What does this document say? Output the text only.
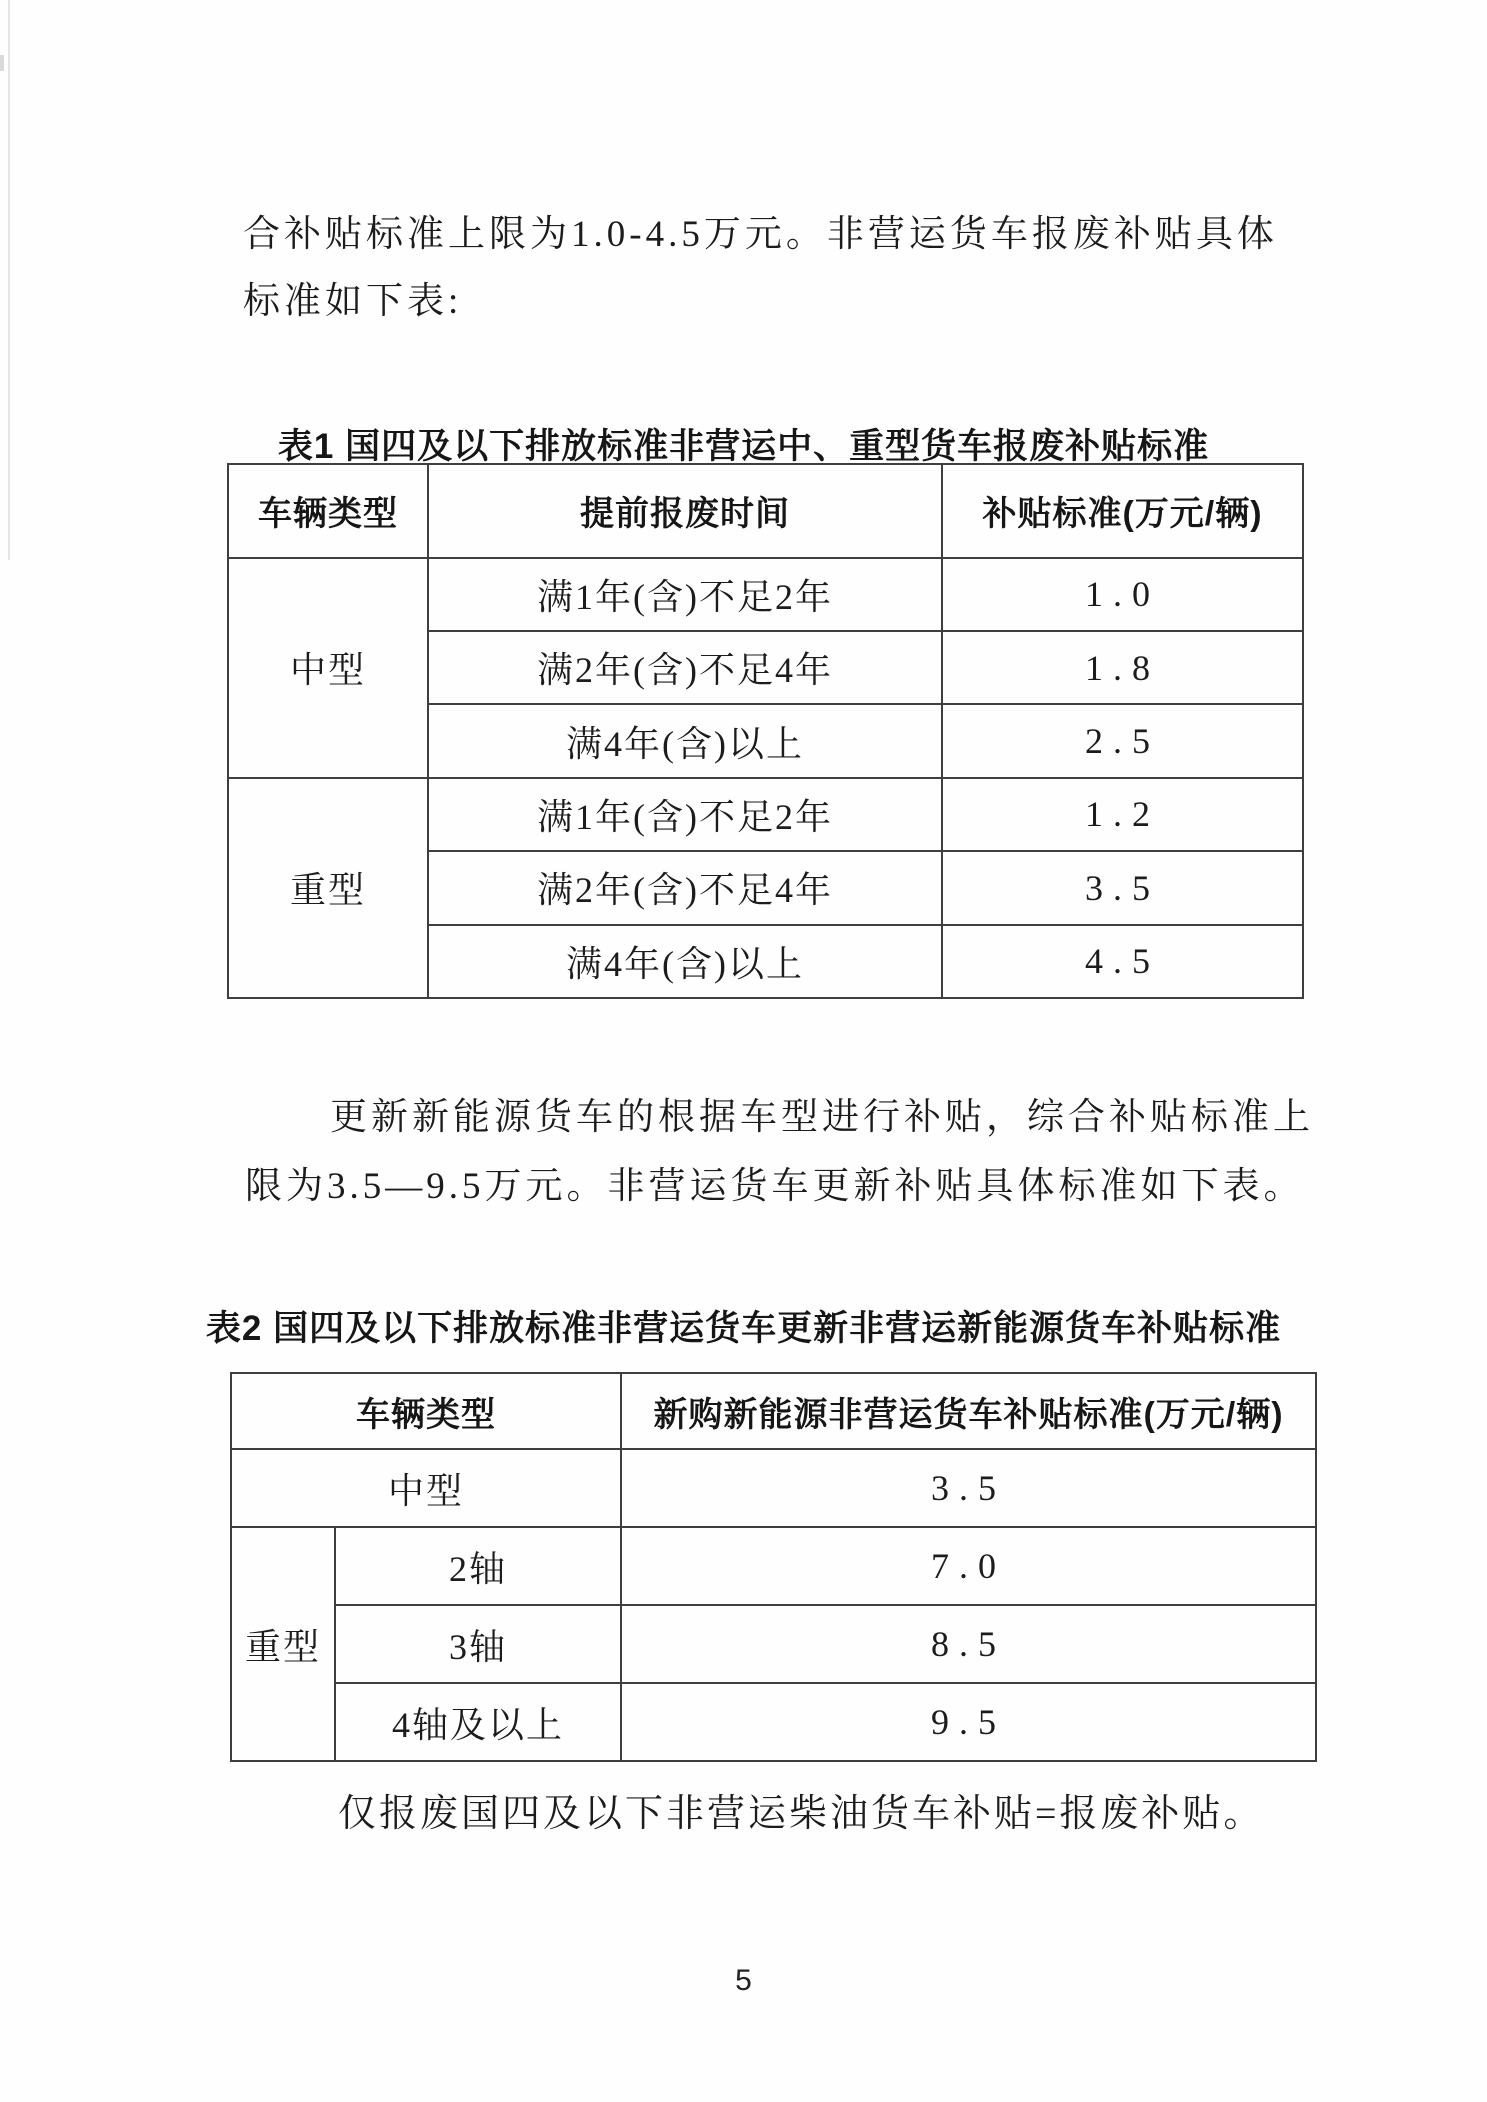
合补贴标准上限为1.0-4.5万元。非营运货车报废补贴具体
标准如下表:
表1 国四及以下排放标准非营运中、重型货车报废补贴标准
车辆类型	提前报废时间	补贴标准(万元/辆)
中型	满1年(含)不足2年	1.0
	满2年(含)不足4年	1.8
	满4年(含)以上	2.5
重型	满1年(含)不足2年	1.2
	满2年(含)不足4年	3.5
	满4年(含)以上	4.5
更新新能源货车的根据车型进行补贴，综合补贴标准上
限为3.5—9.5万元。非营运货车更新补贴具体标准如下表。
表2 国四及以下排放标准非营运货车更新非营运新能源货车补贴标准
车辆类型		新购新能源非营运货车补贴标准(万元/辆)
中型		3.5
重型	2轴	7.0
	3轴	8.5
	4轴及以上	9.5
仅报废国四及以下非营运柴油货车补贴=报废补贴。
5
